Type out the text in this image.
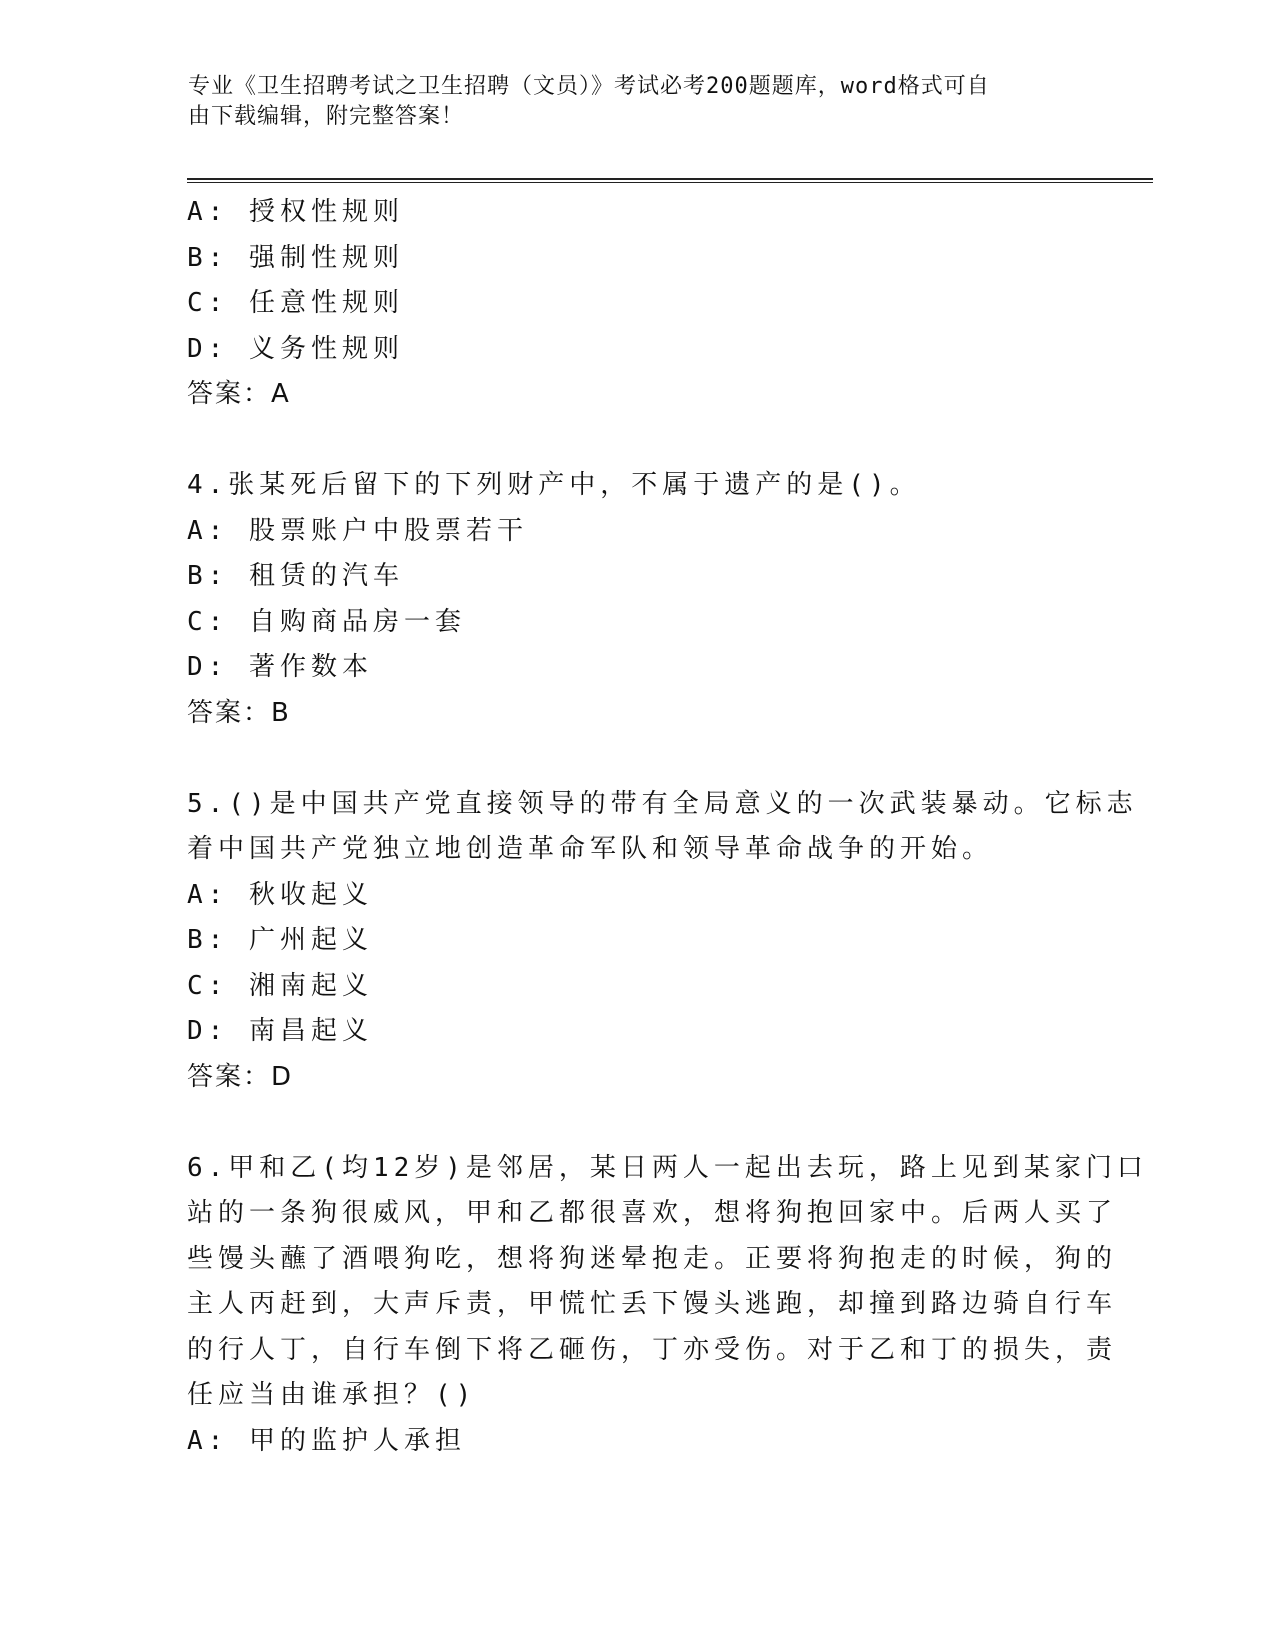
专业《卫生招聘考试之卫生招聘（文员）》考试必考200题题库，word格式可自
由下载编辑，附完整答案！
A: 授权性规则
B: 强制性规则
C: 任意性规则
D: 义务性规则
答案：A
4.张某死后留下的下列财产中，不属于遗产的是()。
A: 股票账户中股票若干
B: 租赁的汽车
C: 自购商品房一套
D: 著作数本
答案：B
5.()是中国共产党直接领导的带有全局意义的一次武装暴动。它标志
着中国共产党独立地创造革命军队和领导革命战争的开始。
A: 秋收起义
B: 广州起义
C: 湘南起义
D: 南昌起义
答案：D
6.甲和乙(均12岁)是邻居，某日两人一起出去玩，路上见到某家门口
站的一条狗很威风，甲和乙都很喜欢，想将狗抱回家中。后两人买了
些馒头蘸了酒喂狗吃，想将狗迷晕抱走。正要将狗抱走的时候，狗的
主人丙赶到，大声斥责，甲慌忙丢下馒头逃跑，却撞到路边骑自行车
的行人丁，自行车倒下将乙砸伤，丁亦受伤。对于乙和丁的损失，责
任应当由谁承担？()
A: 甲的监护人承担
